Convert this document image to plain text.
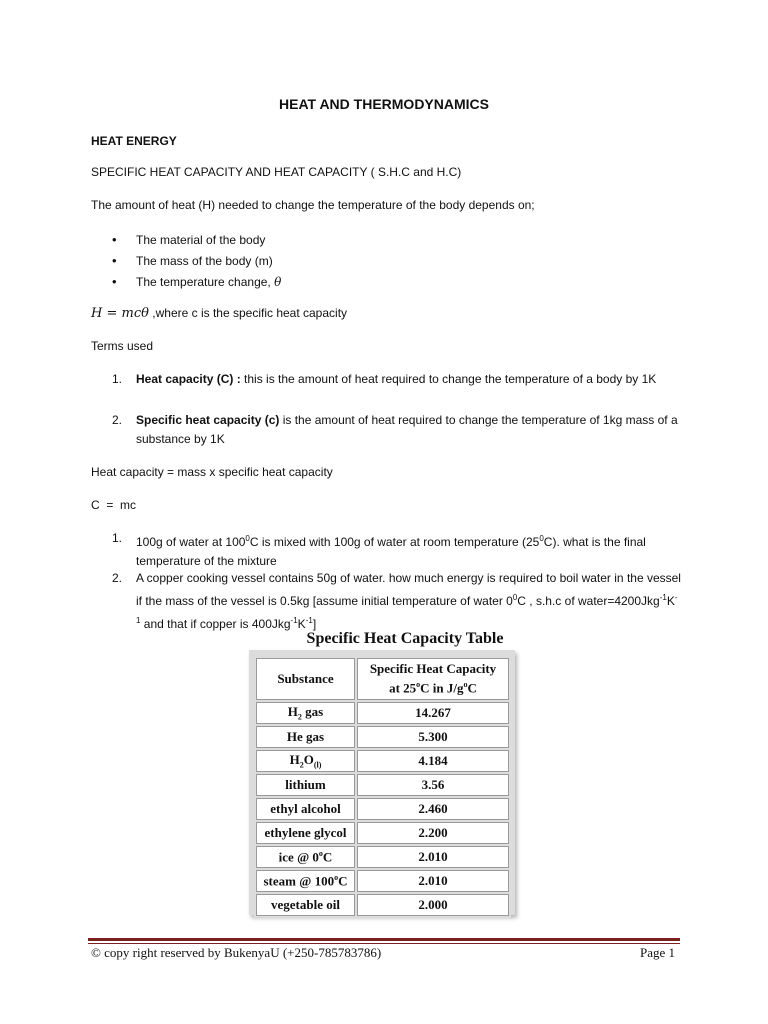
HEAT AND THERMODYNAMICS
HEAT ENERGY
SPECIFIC HEAT CAPACITY AND HEAT CAPACITY ( S.H.C and H.C)
The amount of heat (H) needed to change the temperature of the body depends on;
• The material of the body
• The mass of the body (m)
• The temperature change, θ
H = mcθ ,where c is the specific heat capacity
Terms used
1. Heat capacity (C) : this is the amount of heat required to change the temperature of a body by 1K
2. Specific heat capacity (c) is the amount of heat required to change the temperature of 1kg mass of a substance by 1K
Heat capacity = mass x specific heat capacity
C  =  mc
1. 100g of water at $100^0C$ is mixed with 100g of water at room temperature $(25^0C)$. what is the final temperature of the mixture
2. A copper cooking vessel contains 50g of water. how much energy is required to boil water in the vessel if the mass of the vessel is 0.5kg [assume initial temperature of water $0^0C$ , s.h.c of $water=4200Jkg^{-1}K^{-1}$ and that if copper is $400Jkg^{-1}K^{-1}$]
Specific Heat Capacity Table
Substance	Specific Heat Capacity
at 25$^o$C in $J/g^oC$
$H_2$ gas	14.267
He gas	5.300
$H_2O_{(l)}$	4.184
lithium	3.56
ethyl alcohol	2.460
ethylene glycol	2.200
ice @ 0$^o$C	2.010
steam @ 100$^o$C	2.010
vegetable oil	2.000
© copy right reserved by BukenyaU (+250-785783786)	Page 1
